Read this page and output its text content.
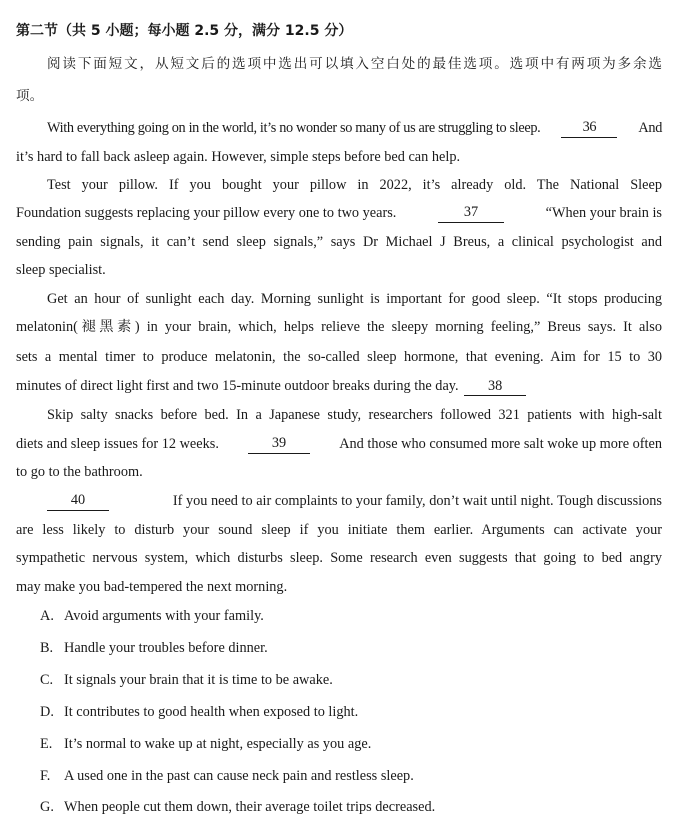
第二节（共 5 小题；每小题 2.5 分，满分 12.5 分）
阅读下面短文，从短文后的选项中选出可以填入空白处的最佳选项。选项中有两项为多余选
项。
With everything going on in the world, it’s no wonder so many of us are struggling to sleep.	36	And
it’s hard to fall back asleep again. However, simple steps before bed can help.
Test your pillow. If you bought your pillow in 2022, it’s already old. The National Sleep
Foundation suggests replacing your pillow every one to two years.	37	“When your brain is
sending pain signals, it can’t send sleep signals,” says Dr Michael J Breus, a clinical psychologist and
sleep specialist.
Get an hour of sunlight each day. Morning sunlight is important for good sleep. “It stops producing
melatonin(褪黑素) in your brain, which, helps relieve the sleepy morning feeling,” Breus says. It also
sets a mental timer to produce melatonin, the so-called sleep hormone, that evening. Aim for 15 to 30
minutes of direct light first and two 15-minute outdoor breaks during the day. 38
Skip salty snacks before bed. In a Japanese study, researchers followed 321 patients with high-salt
diets and sleep issues for 12 weeks.	39	And those who consumed more salt woke up more often
to go to the bathroom.
40	If you need to air complaints to your family, don’t wait until night. Tough discussions
are less likely to disturb your sound sleep if you initiate them earlier. Arguments can activate your
sympathetic nervous system, which disturbs sleep. Some research even suggests that going to bed angry
may make you bad-tempered the next morning.
A. Avoid arguments with your family.
B. Handle your troubles before dinner.
C. It signals your brain that it is time to be awake.
D. It contributes to good health when exposed to light.
E. It’s normal to wake up at night, especially as you age.
F. A used one in the past can cause neck pain and restless sleep.
G. When people cut them down, their average toilet trips decreased.
